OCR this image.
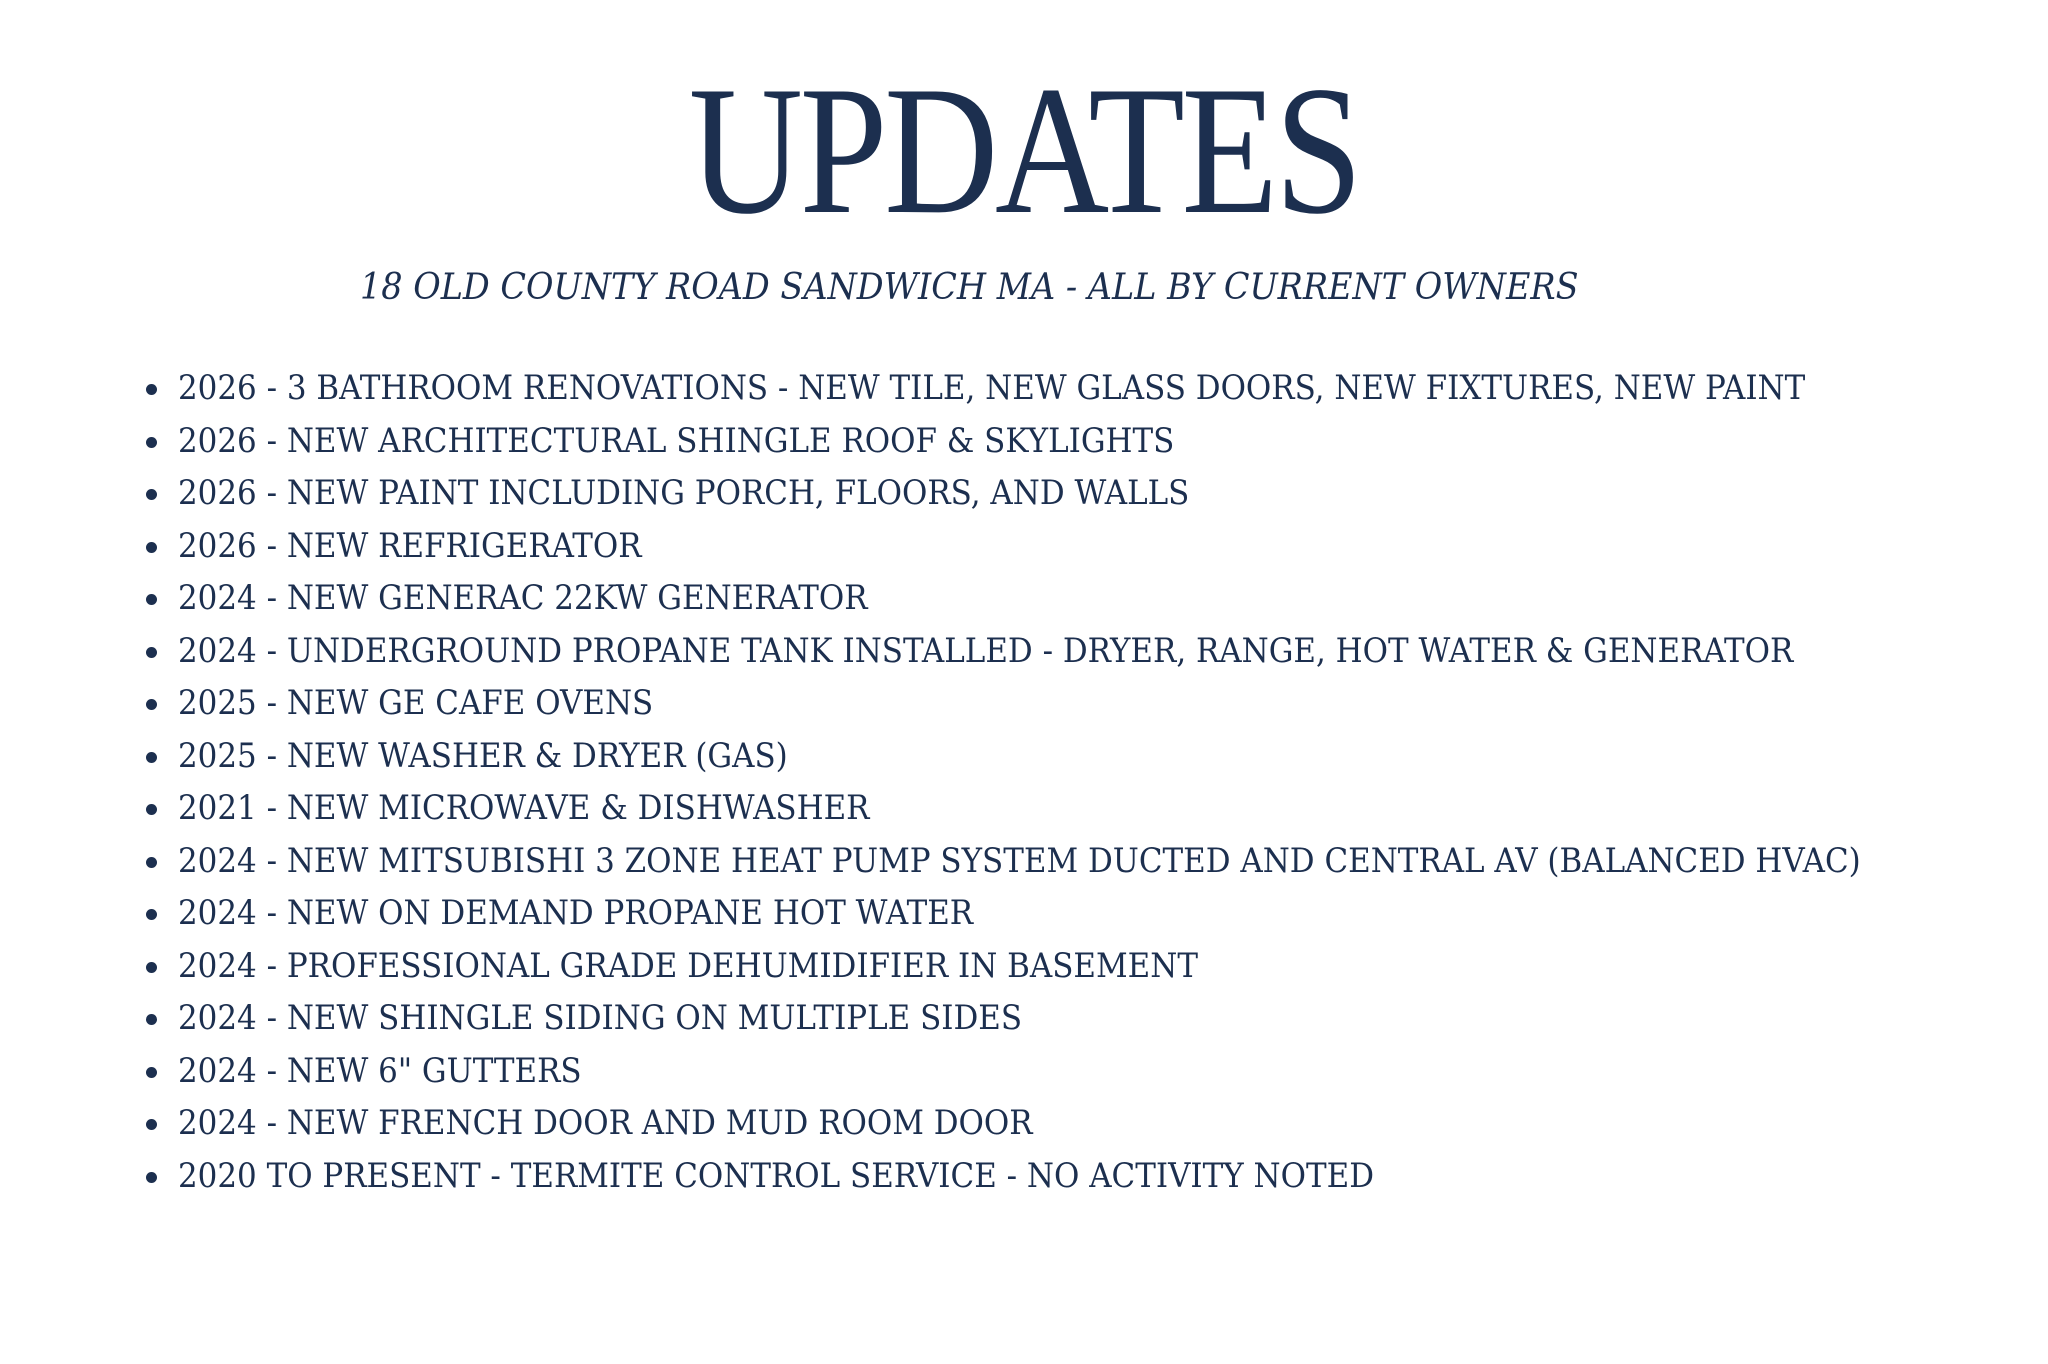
UPDATES
18 OLD COUNTY ROAD SANDWICH MA - ALL BY CURRENT OWNERS
2026 - 3 BATHROOM RENOVATIONS - NEW TILE, NEW GLASS DOORS, NEW FIXTURES, NEW PAINT
2026 - NEW ARCHITECTURAL SHINGLE ROOF & SKYLIGHTS
2026 - NEW PAINT INCLUDING PORCH, FLOORS, AND WALLS
2026 - NEW REFRIGERATOR
2024 - NEW GENERAC 22KW GENERATOR
2024 - UNDERGROUND PROPANE TANK INSTALLED - DRYER, RANGE, HOT WATER & GENERATOR
2025 - NEW GE CAFE OVENS
2025 - NEW WASHER & DRYER (GAS)
2021 - NEW MICROWAVE & DISHWASHER
2024 - NEW MITSUBISHI 3 ZONE HEAT PUMP SYSTEM DUCTED AND CENTRAL AV (BALANCED HVAC)
2024 - NEW ON DEMAND PROPANE HOT WATER
2024 - PROFESSIONAL GRADE DEHUMIDIFIER IN BASEMENT
2024 - NEW SHINGLE SIDING ON MULTIPLE SIDES
2024 - NEW 6" GUTTERS
2024 - NEW FRENCH DOOR AND MUD ROOM DOOR
2020 TO PRESENT - TERMITE CONTROL SERVICE - NO ACTIVITY NOTED
